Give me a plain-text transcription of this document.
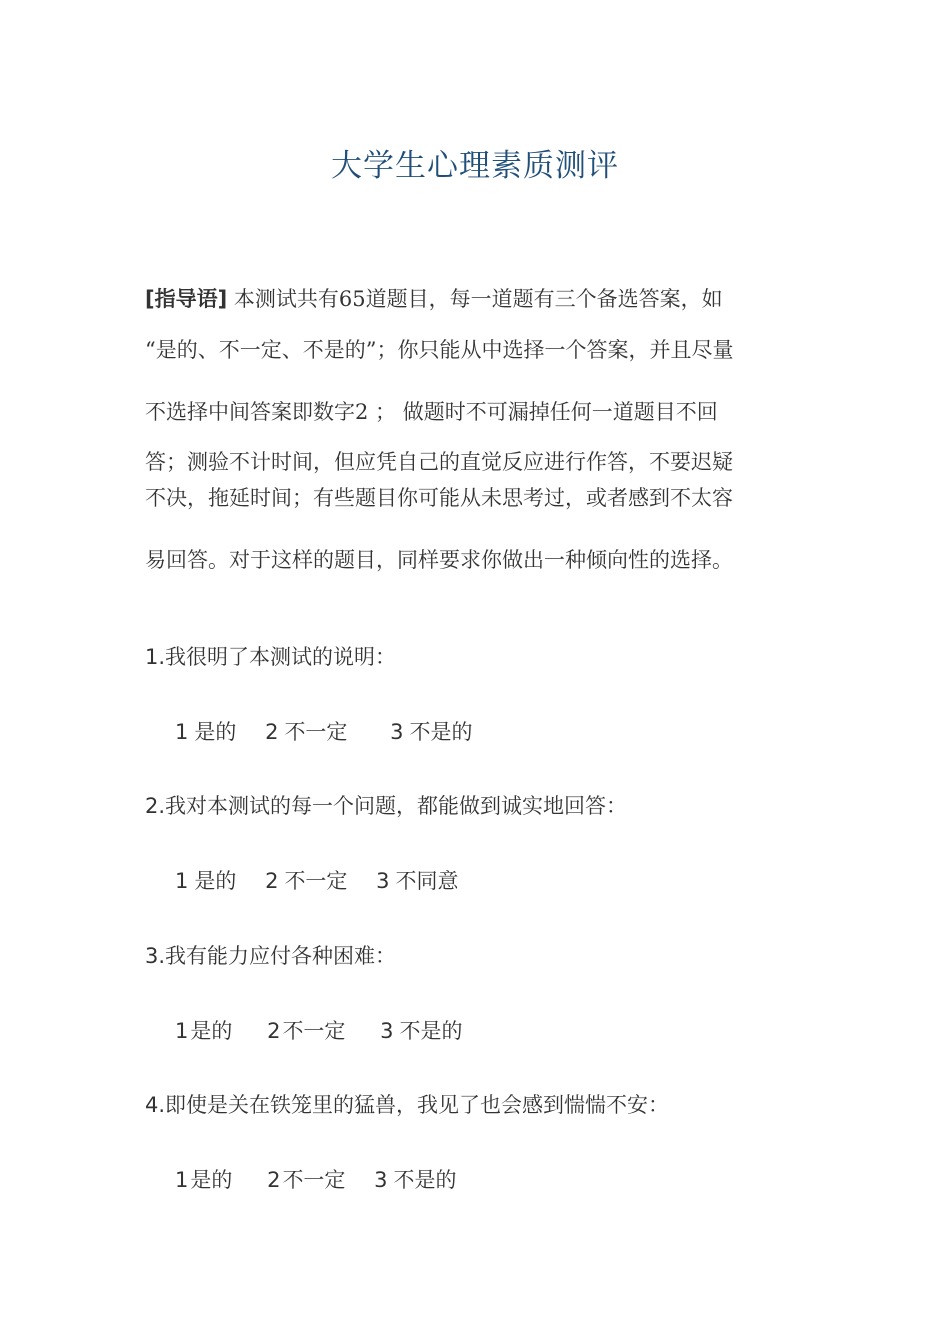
大学生心理素质测评
[指导语] 本测试共有65道题目，每一道题有三个备选答案，如
“是的、不一定、不是的”；你只能从中选择一个答案，并且尽量
不选择中间答案即数字2 ； 做题时不可漏掉任何一道题目不回
答；测验不计时间，但应凭自己的直觉反应进行作答，不要迟疑
不决，拖延时间；有些题目你可能从未思考过，或者感到不太容
易回答。对于这样的题目，同样要求你做出一种倾向性的选择。
1.我很明了本测试的说明：
1 是的 2 不一定 3 不是的
2.我对本测试的每一个问题，都能做到诚实地回答：
1 是的 2 不一定 3 不同意
3.我有能力应付各种困难：
1是的 2不一定 3 不是的
4.即使是关在铁笼里的猛兽，我见了也会感到惴惴不安：
1是的 2不一定 3 不是的
